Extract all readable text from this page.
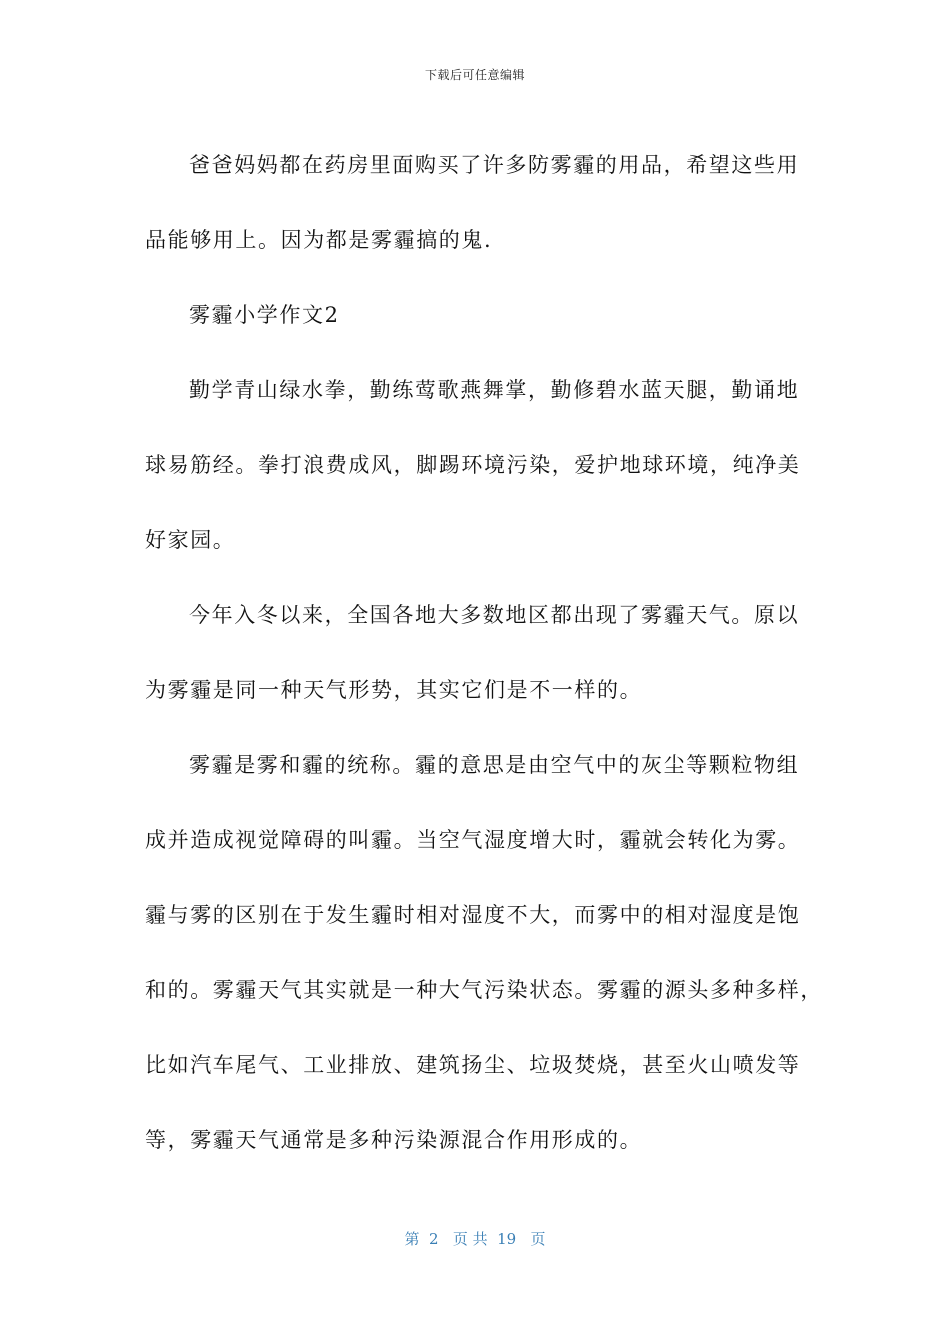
下载后可任意编辑
爸爸妈妈都在药房里面购买了许多防雾霾的用品，希望这些用
品能够用上。因为都是雾霾搞的鬼.
雾霾小学作文2
勤学青山绿水拳，勤练莺歌燕舞掌，勤修碧水蓝天腿，勤诵地
球易筋经。拳打浪费成风，脚踢环境污染，爱护地球环境，纯净美
好家园。
今年入冬以来，全国各地大多数地区都出现了雾霾天气。原以
为雾霾是同一种天气形势，其实它们是不一样的。
雾霾是雾和霾的统称。霾的意思是由空气中的灰尘等颗粒物组
成并造成视觉障碍的叫霾。当空气湿度增大时，霾就会转化为雾。
霾与雾的区别在于发生霾时相对湿度不大，而雾中的相对湿度是饱
和的。雾霾天气其实就是一种大气污染状态。雾霾的源头多种多样，
比如汽车尾气、工业排放、建筑扬尘、垃圾焚烧，甚至火山喷发等
等，雾霾天气通常是多种污染源混合作用形成的。
第  2   页 共  19   页
